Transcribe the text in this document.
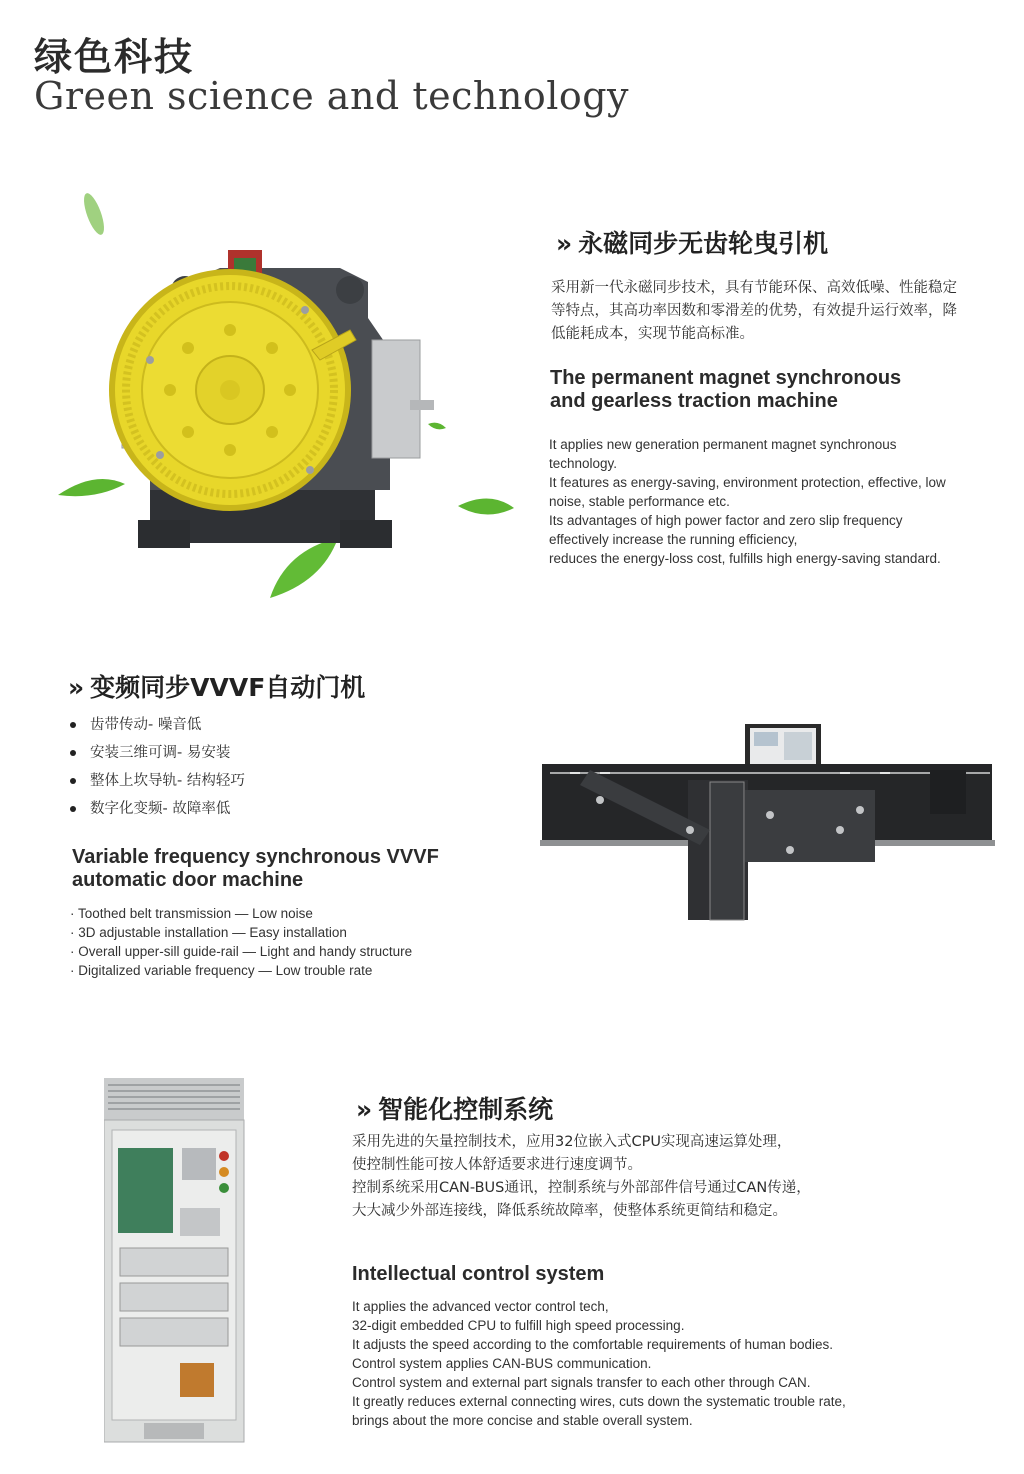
绿色科技
Green science and technology
» 永磁同步无齿轮曳引机
采用新一代永磁同步技术，具有节能环保、高效低噪、性能稳定
等特点，其高功率因数和零滑差的优势，有效提升运行效率，降
低能耗成本，实现节能高标准。
The permanent magnet synchronous
and gearless traction machine
It applies new generation permanent magnet synchronous
technology.
It features as energy-saving, environment protection, effective, low
noise, stable performance etc.
Its advantages of high power factor and zero slip frequency
effectively increase the running efficiency,
reduces the energy-loss cost, fulfills high energy-saving standard.
» 变频同步VVVF自动门机
齿带传动- 噪音低
安装三维可调- 易安装
整体上坎导轨- 结构轻巧
数字化变频- 故障率低
Variable frequency synchronous VVVF
automatic door machine
· Toothed belt transmission — Low noise
· 3D adjustable installation — Easy installation
· Overall upper-sill guide-rail — Light and handy structure
· Digitalized variable frequency — Low trouble rate
» 智能化控制系统
采用先进的矢量控制技术，应用32位嵌入式CPU实现高速运算处理，
使控制性能可按人体舒适要求进行速度调节。
控制系统采用CAN-BUS通讯，控制系统与外部部件信号通过CAN传递，
大大减少外部连接线，降低系统故障率，使整体系统更简结和稳定。
Intellectual control system
It applies the advanced vector control tech,
32-digit embedded CPU to fulfill high speed processing.
It adjusts the speed according to the comfortable requirements of human bodies.
Control system applies CAN-BUS communication.
Control system and external part signals transfer to each other through CAN.
It greatly reduces external connecting wires, cuts down the systematic trouble rate,
brings about the more concise and stable overall system.
